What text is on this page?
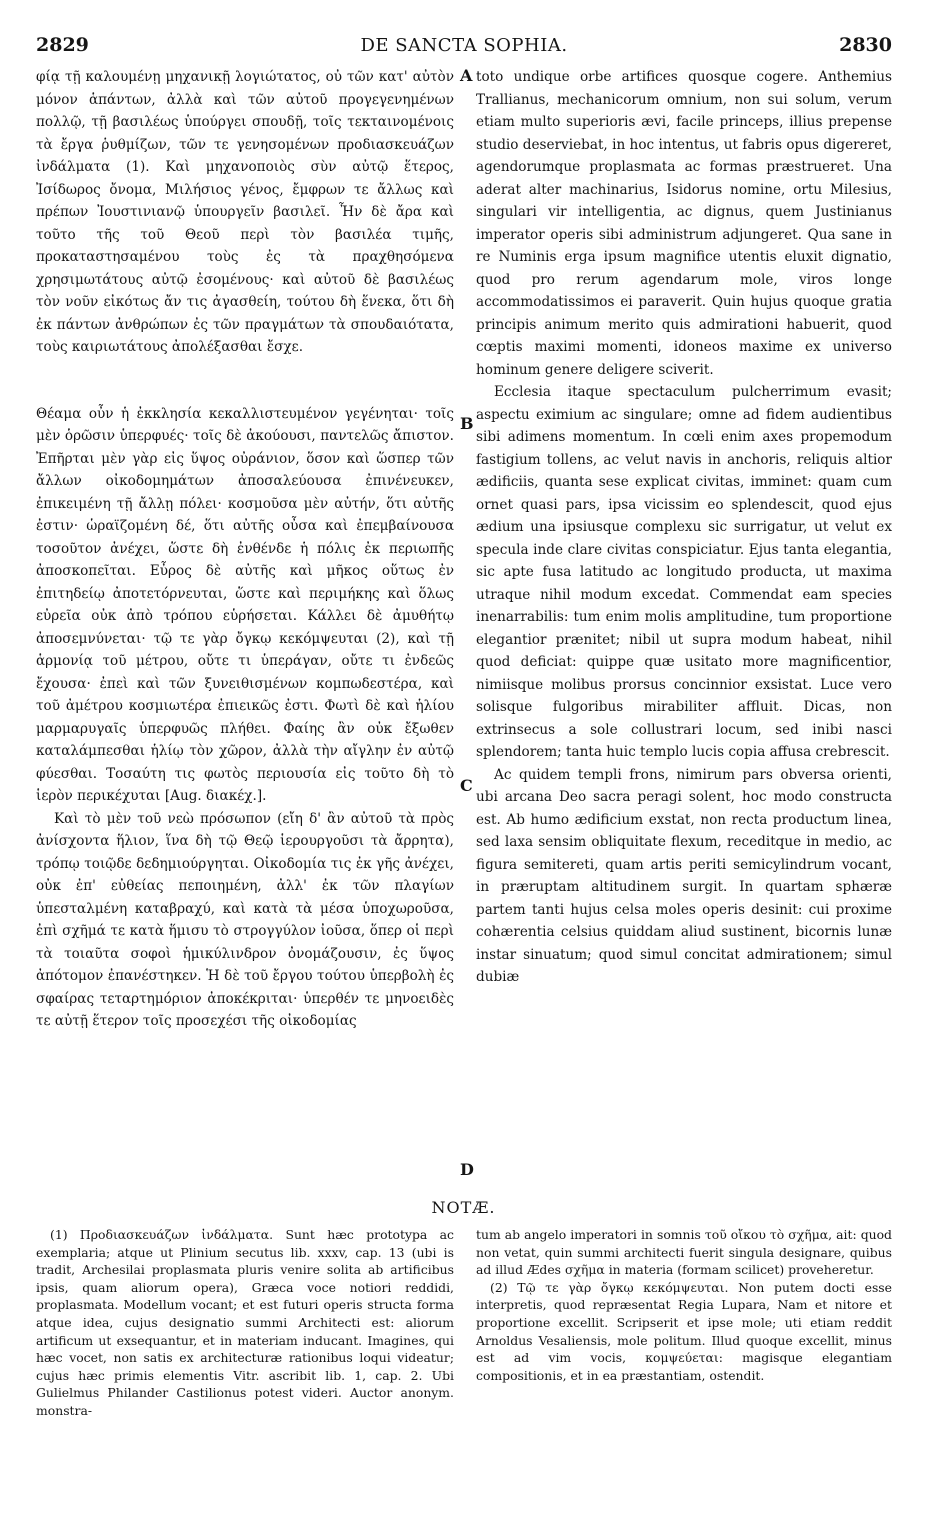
2829	DE SANCTA SOPHIA.	2830

φίᾳ τῇ καλουμένῃ μηχανικῇ λογιώτατος, οὐ τῶν κατ' αὐτὸν μόνον ἁπάντων, ἀλλὰ καὶ τῶν αὐτοῦ προγεγενημένων πολλῷ, τῇ βασιλέως ὑπούργει σπουδῇ, τοῖς τεκταινομένοις τὰ ἔργα ῥυθμίζων, τῶν τε γενησομένων προδιασκευάζων ἰνδάλματα (1). Καὶ μηχανοποιὸς σὺν αὐτῷ ἕτερος, Ἰσίδωρος ὄνομα, Μιλήσιος γένος, ἔμφρων τε ἄλλως καὶ πρέπων Ἰουστινιανῷ ὑπουργεῖν βασιλεῖ. Ἦν δὲ ἄρα καὶ τοῦτο τῆς τοῦ Θεοῦ περὶ τὸν βασιλέα τιμῆς, προκαταστησαμένου τοὺς ἐς τὰ πραχθησόμενα χρησιμωτάτους αὐτῷ ἐσομένους· καὶ αὐτοῦ δὲ βασιλέως τὸν νοῦν εἰκότως ἄν τις ἀγασθείη, τούτου δὴ ἕνεκα, ὅτι δὴ ἐκ πάντων ἀνθρώπων ἐς τῶν πραγμάτων τὰ σπουδαιότατα, τοὺς καιριωτάτους ἀπολέξασθαι ἔσχε.

Θέαμα οὖν ἡ ἐκκλησία κεκαλλιστευμένον γεγένηται· τοῖς μὲν ὁρῶσιν ὑπερφυές· τοῖς δὲ ἀκούουσι, παντελῶς ἄπιστον. Ἐπῆρται μὲν γὰρ εἰς ὕψος οὐράνιον, ὅσον καὶ ὥσπερ τῶν ἄλλων οἰκοδομημάτων ἀποσαλεύουσα ἐπινένευκεν, ἐπικειμένη τῇ ἄλλῃ πόλει· κοσμοῦσα μὲν αὐτήν, ὅτι αὐτῆς ἐστιν· ὡραϊζομένη δέ, ὅτι αὐτῆς οὖσα καὶ ἐπεμβαίνουσα τοσοῦτον ἀνέχει, ὥστε δὴ ἐνθένδε ἡ πόλις ἐκ περιωπῆς ἀποσκοπεῖται. Εὖρος δὲ αὐτῆς καὶ μῆκος οὕτως ἐν ἐπιτηδείῳ ἀποτετόρνευται, ὥστε καὶ περιμήκης καὶ ὅλως εὐρεῖα οὐκ ἀπὸ τρόπου εὑρήσεται. Κάλλει δὲ ἀμυθήτῳ ἀποσεμνύνεται· τῷ τε γὰρ ὄγκῳ κεκόμψευται (2), καὶ τῇ ἁρμονίᾳ τοῦ μέτρου, οὔτε τι ὑπεράγαν, οὔτε τι ἐνδεῶς ἔχουσα· ἐπεὶ καὶ τῶν ξυνειθισμένων κομπωδεστέρα, καὶ τοῦ ἀμέτρου κοσμιωτέρα ἐπιεικῶς ἐστι. Φωτὶ δὲ καὶ ἡλίου μαρμαρυγαῖς ὑπερφυῶς πλήθει. Φαίης ἂν οὐκ ἔξωθεν καταλάμπεσθαι ἡλίῳ τὸν χῶρον, ἀλλὰ τὴν αἴγλην ἐν αὐτῷ φύεσθαι. Τοσαύτη τις φωτὸς περιουσία εἰς τοῦτο δὴ τὸ ἱερὸν περικέχυται [Aug. διακέχ.].

Καὶ τὸ μὲν τοῦ νεὼ πρόσωπον (εἴη δ' ἂν αὐτοῦ τὰ πρὸς ἀνίσχοντα ἥλιον, ἵνα δὴ τῷ Θεῷ ἱερουργοῦσι τὰ ἄρρητα), τρόπῳ τοιῷδε δεδημιούργηται. Οἰκοδομία τις ἐκ γῆς ἀνέχει, οὐκ ἐπ' εὐθείας πεποιημένη, ἀλλ' ἐκ τῶν πλαγίων ὑπεσταλμένη καταβραχύ, καὶ κατὰ τὰ μέσα ὑποχωροῦσα, ἐπὶ σχῆμά τε κατὰ ἥμισυ τὸ στρογγύλον ἰοῦσα, ὅπερ οἱ περὶ τὰ τοιαῦτα σοφοὶ ἡμικύλινδρον ὀνομάζουσιν, ἐς ὕψος ἀπότομον ἐπανέστηκεν. Ἡ δὲ τοῦ ἔργου τούτου ὑπερβολὴ ἐς σφαίρας τεταρτημόριον ἀποκέκριται· ὑπερθέν τε μηνοειδὲς τε αὐτῇ ἕτερον τοῖς προσεχέσι τῆς οἰκοδομίας

A
B
C
D

toto undique orbe artifices quosque cogere. Anthemius Trallianus, mechanicorum omnium, non sui solum, verum etiam multo superioris ævi, facile princeps, illius prepense studio deserviebat, in hoc intentus, ut fabris opus digereret, agendorumque proplasmata ac formas præstrueret. Una aderat alter machinarius, Isidorus nomine, ortu Milesius, singulari vir intelligentia, ac dignus, quem Justinianus imperator operis sibi administrum adjungeret. Qua sane in re Numinis erga ipsum magnifice utentis eluxit dignatio, quod pro rerum agendarum mole, viros longe accommodatissimos ei paraverit. Quin hujus quoque gratia principis animum merito quis admirationi habuerit, quod cœptis maximi momenti, idoneos maxime ex universo hominum genere deligere sciverit.

Ecclesia itaque spectaculum pulcherrimum evasit; aspectu eximium ac singulare; omne ad fidem audientibus sibi adimens momentum. In cœli enim axes propemodum fastigium tollens, ac velut navis in anchoris, reliquis altior ædificiis, quanta sese explicat civitas, imminet: quam cum ornet quasi pars, ipsa vicissim eo splendescit, quod ejus ædium una ipsiusque complexu sic surrigatur, ut velut ex specula inde clare civitas conspiciatur. Ejus tanta elegantia, sic apte fusa latitudo ac longitudo producta, ut maxima utraque nihil modum excedat. Commendat eam species inenarrabilis: tum enim molis amplitudine, tum proportione elegantior prænitet; nibil ut supra modum habeat, nihil quod deficiat: quippe quæ usitato more magnificentior, nimiisque molibus prorsus concinnior exsistat. Luce vero solisque fulgoribus mirabiliter affluit. Dicas, non extrinsecus a sole collustrari locum, sed inibi nasci splendorem; tanta huic templo lucis copia affusa crebrescit.

Ac quidem templi frons, nimirum pars obversa orienti, ubi arcana Deo sacra peragi solent, hoc modo constructa est. Ab humo ædificium exstat, non recta productum linea, sed laxa sensim obliquitate flexum, receditque in medio, ac figura semitereti, quam artis periti semicylindrum vocant, in præruptam altitudinem surgit. In quartam sphæræ partem tanti hujus celsa moles operis desinit: cui proxime cohærentia celsius quiddam aliud sustinent, bicornis lunæ instar sinuatum; quod simul concitat admirationem; simul dubiæ

NOTÆ.

(1) Προδιασκευάζων ἰνδάλματα. Sunt hæc prototypa ac exemplaria; atque ut Plinium secutus lib. xxxv, cap. 13 (ubi is tradit, Archesilai proplasmata pluris venire solita ab artificibus ipsis, quam aliorum opera), Græca voce notiori reddidi, proplasmata. Modellum vocant; et est futuri operis structa forma atque idea, cujus designatio summi Architecti est: aliorum artificum ut exsequantur, et in materiam inducant. Imagines, qui hæc vocet, non satis ex architecturæ rationibus loqui videatur; cujus hæc primis elementis Vitr. ascribit lib. 1, cap. 2. Ubi Gulielmus Philander Castilionus potest videri. Auctor anonym. monstra-

tum ab angelo imperatori in somnis τοῦ οἴκου τὸ σχῆμα, ait: quod non vetat, quin summi architecti fuerit singula designare, quibus ad illud Ædes σχῆμα in materia (formam scilicet) proveheretur.

(2) Τῷ τε γὰρ ὄγκῳ κεκόμψευται. Non putem docti esse interpretis, quod repræsentat Regia Lupara, Nam et nitore et proportione excellit. Scripserit et ipse mole; uti etiam reddit Arnoldus Vesaliensis, mole politum. Illud quoque excellit, minus est ad vim vocis, κομψεύεται: magisque elegantiam compositionis, et in ea præstantiam, ostendit.
